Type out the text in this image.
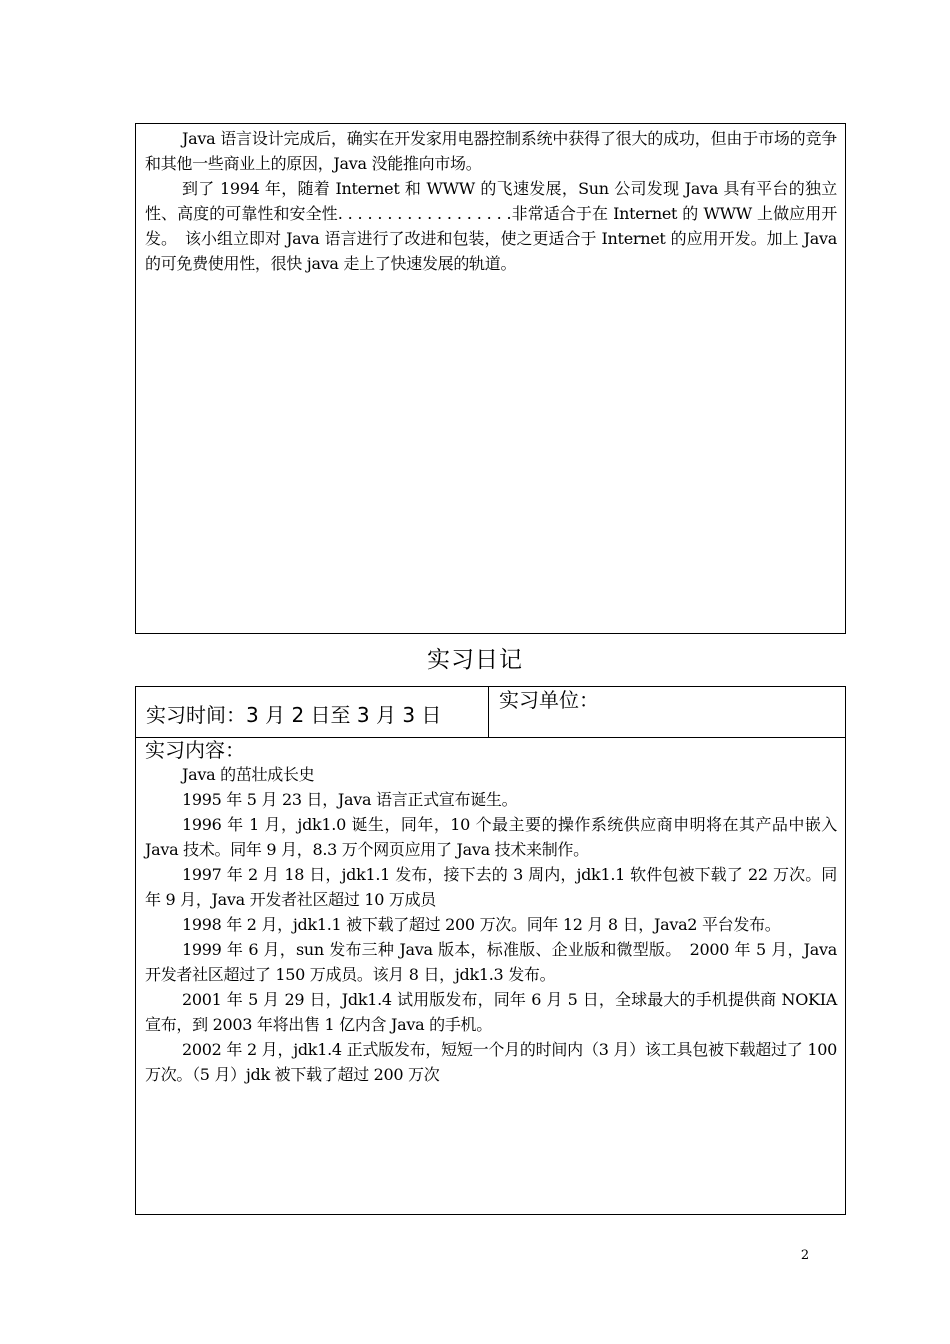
Java 语言设计完成后，确实在开发家用电器控制系统中获得了很大的成功，但由于市场的竞争和其他一些商业上的原因，Java 没能推向市场。

到了 1994 年，随着 Internet 和 WWW 的飞速发展，Sun 公司发现 Java 具有平台的独立性、高度的可靠性和安全性. . . . . . . . . . . . . . . . . .非常适合于在 Internet 的 WWW 上做应用开发。　该小组立即对 Java 语言进行了改进和包装，使之更适合于 Internet 的应用开发。加上 Java 的可免费使用性，很快 java 走上了快速发展的轨道。

实习日记
实习时间：3 月 2 日至 3 月 3 日
实习单位：

实习内容：

Java 的茁壮成长史

1995 年 5 月 23 日，Java 语言正式宣布诞生。

1996 年 1 月，jdk1.0 诞生，同年，10 个最主要的操作系统供应商申明将在其产品中嵌入 Java 技术。同年 9 月，8.3 万个网页应用了 Java 技术来制作。

1997 年 2 月 18 日，jdk1.1 发布，接下去的 3 周内，jdk1.1 软件包被下载了 22 万次。同年 9 月，Java 开发者社区超过 10 万成员

1998 年 2 月，jdk1.1 被下载了超过 200 万次。同年 12 月 8 日，Java2 平台发布。

1999 年 6 月，sun 发布三种 Java 版本，标准版、企业版和微型版。　2000 年 5 月，Java 开发者社区超过了 150 万成员。该月 8 日，jdk1.3 发布。

2001 年 5 月 29 日，Jdk1.4 试用版发布，同年 6 月 5 日，全球最大的手机提供商 NOKIA 宣布，到 2003 年将出售 1 亿内含 Java 的手机。

2002 年 2 月，jdk1.4 正式版发布，短短一个月的时间内（3 月）该工具包被下载超过了 100 万次。（5 月）jdk 被下载了超过 200 万次

2
